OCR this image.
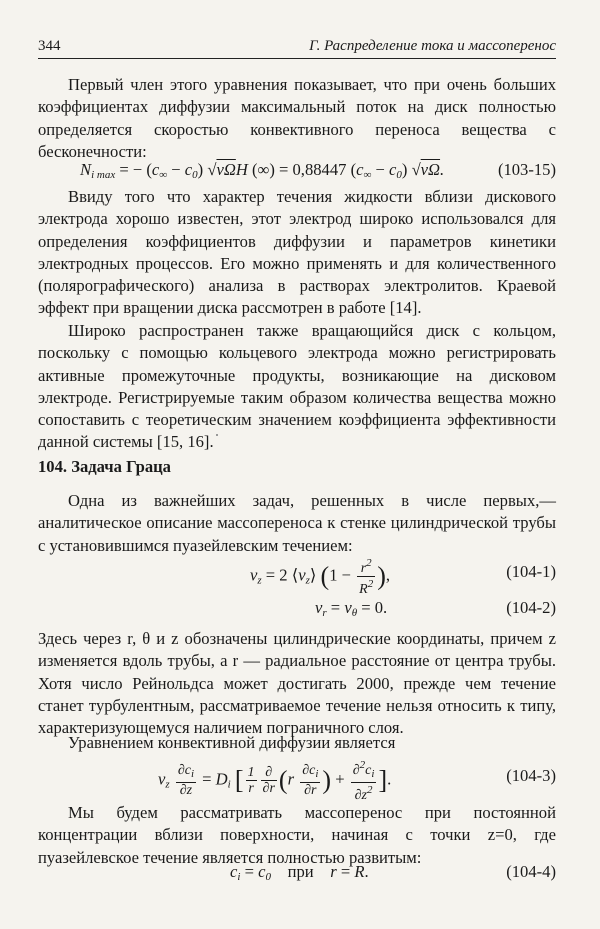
344	Г. Распределение тока и массоперенос
Первый член этого уравнения показывает, что при очень больших коэффициентах диффузии максимальный поток на диск полностью определяется скоростью конвективного переноса вещества с бесконечности:
$N_{i max}$ = − $(c_\infty - c_0)$ √νΩH (∞) = 0,88447 $(c_\infty - c_0)$ √νΩ.	(103-15)
Ввиду того что характер течения жидкости вблизи дискового электрода хорошо известен, этот электрод широко использовался для определения коэффициентов диффузии и параметров кинетики электродных процессов. Его можно применять и для количественного (полярографического) анализа в растворах электролитов. Краевой эффект при вращении диска рассмотрен в работе [14].
Широко распространен также вращающийся диск с кольцом, поскольку с помощью кольцевого электрода можно регистрировать активные промежуточные продукты, возникающие на дисковом электроде. Регистрируемые таким образом количества вещества можно сопоставить с теоретическим значением коэффициента эффективности данной системы [15, 16].
104. Задача Граца
Одна из важнейших задач, решенных в числе первых,— аналитическое описание массопереноса к стенке цилиндрической трубы с установившимся пуазейлевским течением:
$v_z = 2$ $⟨v_z⟩$ ($1 - \frac{r^2}{R^2}$ ),	(104-1)
$v_r = v_\theta = 0$.	(104-2)
Здесь через r, θ и z обозначены цилиндрические координаты, причем z изменяется вдоль трубы, a r — радиальное расстояние от центра трубы. Хотя число Рейнольдса может достигать 2000, прежде чем течение станет турбулентным, рассматриваемое течение нельзя относить к типу, характеризующемуся наличием пограничного слоя.
Уравнением конвективной диффузии является
$v_z \frac{\partial c_i}{\partial z} = D_i$ [ $\frac{1}{r} \frac{\partial}{\partial r} (r \frac{\partial c_i}{\partial r}$ ) + $\frac{\partial^2c_i}{\partial z^2}$ ].	(104-3)
Мы будем рассматривать массоперенос при постоянной концентрации вблизи поверхности, начиная с точки z=0, где пуазейлевское течение является полностью развитым:
$c_i = c_0$ при r = R.	(104-4)
